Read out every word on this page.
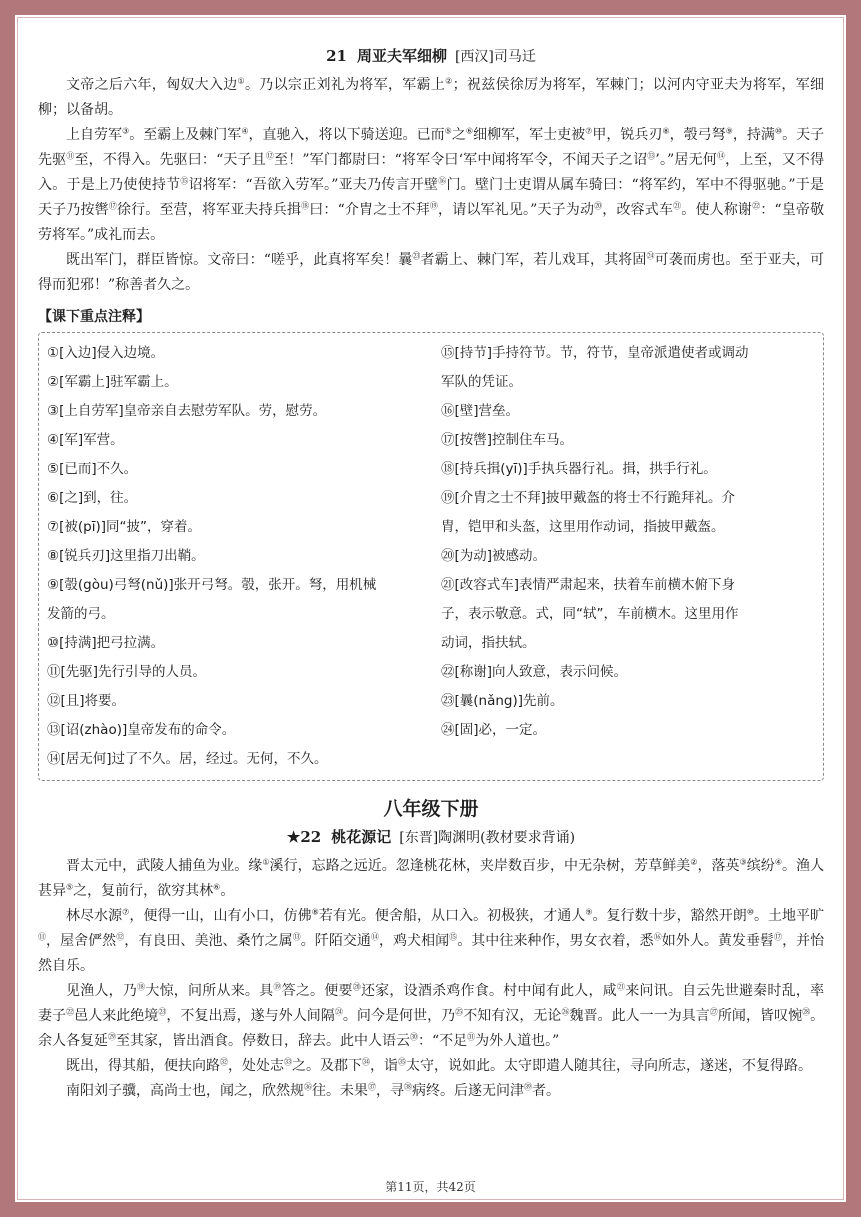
21 周亚夫军细柳 [西汉]司马迁

文帝之后六年，匈奴大入边①。乃以宗正刘礼为将军，军霸上②；祝兹侯徐厉为将军，军棘门；以河内守亚夫为将军，军细柳；以备胡。

上自劳军③。至霸上及棘门军④，直驰入，将以下骑送迎。已而⑤之⑥细柳军，军士吏被⑦甲，锐兵刃⑧，彀弓弩⑨，持满⑩。天子先驱⑪至，不得入。先驱曰：“天子且⑫至！”军门都尉曰：“将军令曰‘军中闻将军令，不闻天子之诏⑬’。”居无何⑭，上至，又不得入。于是上乃使使持节⑮诏将军：“吾欲入劳军。”亚夫乃传言开壁⑯门。壁门士吏谓从属车骑曰：“将军约，军中不得驱驰。”于是天子乃按辔⑰徐行。至营，将军亚夫持兵揖⑱曰：“介胄之士不拜⑲，请以军礼见。”天子为动⑳，改容式车$^㉑$。使人称谢$^㉒$：“皇帝敬劳将军。”成礼而去。

既出军门，群臣皆惊。文帝曰：“嗟乎，此真将军矣！曩$^㉓$者霸上、棘门军，若儿戏耳，其将固$^㉔$可袭而虏也。至于亚夫，可得而犯邪！”称善者久之。

【课下重点注释】

①[入边]侵入边境。

②[军霸上]驻军霸上。

③[上自劳军]皇帝亲自去慰劳军队。劳，慰劳。

④[军]军营。

⑤[已而]不久。

⑥[之]到，往。

⑦[被(pī)]同“披”，穿着。

⑧[锐兵刃]这里指刀出鞘。

⑨[彀(gòu)弓弩(nǔ)]张开弓弩。彀，张开。弩，用机械

发箭的弓。

⑩[持满]把弓拉满。

⑪[先驱]先行引导的人员。

⑫[且]将要。

⑬[诏(zhào)]皇帝发布的命令。

⑭[居无何]过了不久。居，经过。无何，不久。

⑮[持节]手持符节。节，符节，皇帝派遣使者或调动

军队的凭证。

⑯[壁]营垒。

⑰[按辔]控制住车马。

⑱[持兵揖(yī)]手执兵器行礼。揖，拱手行礼。

⑲[介胄之士不拜]披甲戴盔的将士不行跪拜礼。介

胄，铠甲和头盔，这里用作动词，指披甲戴盔。

⑳[为动]被感动。

㉑[改容式车]表情严肃起来，扶着车前横木俯下身

子，表示敬意。式，同“轼”，车前横木。这里用作

动词，指扶轼。

㉒[称谢]向人致意，表示问候。

㉓[曩(nǎng)]先前。

㉔[固]必，一定。

八年级下册
★22 桃花源记 [东晋]陶渊明(教材要求背诵)

晋太元中，武陵人捕鱼为业。缘①溪行，忘路之远近。忽逢桃花林，夹岸数百步，中无杂树，芳草鲜美②，落英③缤纷④。渔人甚异⑤之，复前行，欲穷其林⑥。

林尽水源⑦，便得一山，山有小口，仿佛⑧若有光。便舍船，从口入。初极狭，才通人⑨。复行数十步，豁然开朗⑩。土地平旷⑪，屋舍俨然⑫，有良田、美池、桑竹之属⑬。阡陌交通⑭，鸡犬相闻⑮。其中往来种作，男女衣着，悉⑯如外人。黄发垂髫⑰，并怡然自乐。

见渔人，乃⑱大惊，问所从来。具⑲答之。便要⑳还家，设酒杀鸡作食。村中闻有此人，咸$^㉑$来问讯。自云先世避秦时乱，率妻子$^㉒$邑人来此绝境$^㉓$，不复出焉，遂与外人间隔$^㉔$。问今是何世，乃$^㉕$不知有汉，无论$^㉖$魏晋。此人一一为具言$^㉗$所闻，皆叹惋$^㉘$。余人各复延$^㉙$至其家，皆出酒食。停数日，辞去。此中人语云$^㉚$：“不足$^㉛$为外人道也。”

既出，得其船，便扶向路$^㉜$，处处志$^㉝$之。及郡下$^㉞$，诣$^㉟$太守，说如此。太守即遣人随其往，寻向所志，遂迷，不复得路。

南阳刘子骥，高尚士也，闻之，欣然规$^㊱$往。未果$^㊲$，寻$^㊳$病终。后遂无问津$^㊴$者。

第11页，共42页
